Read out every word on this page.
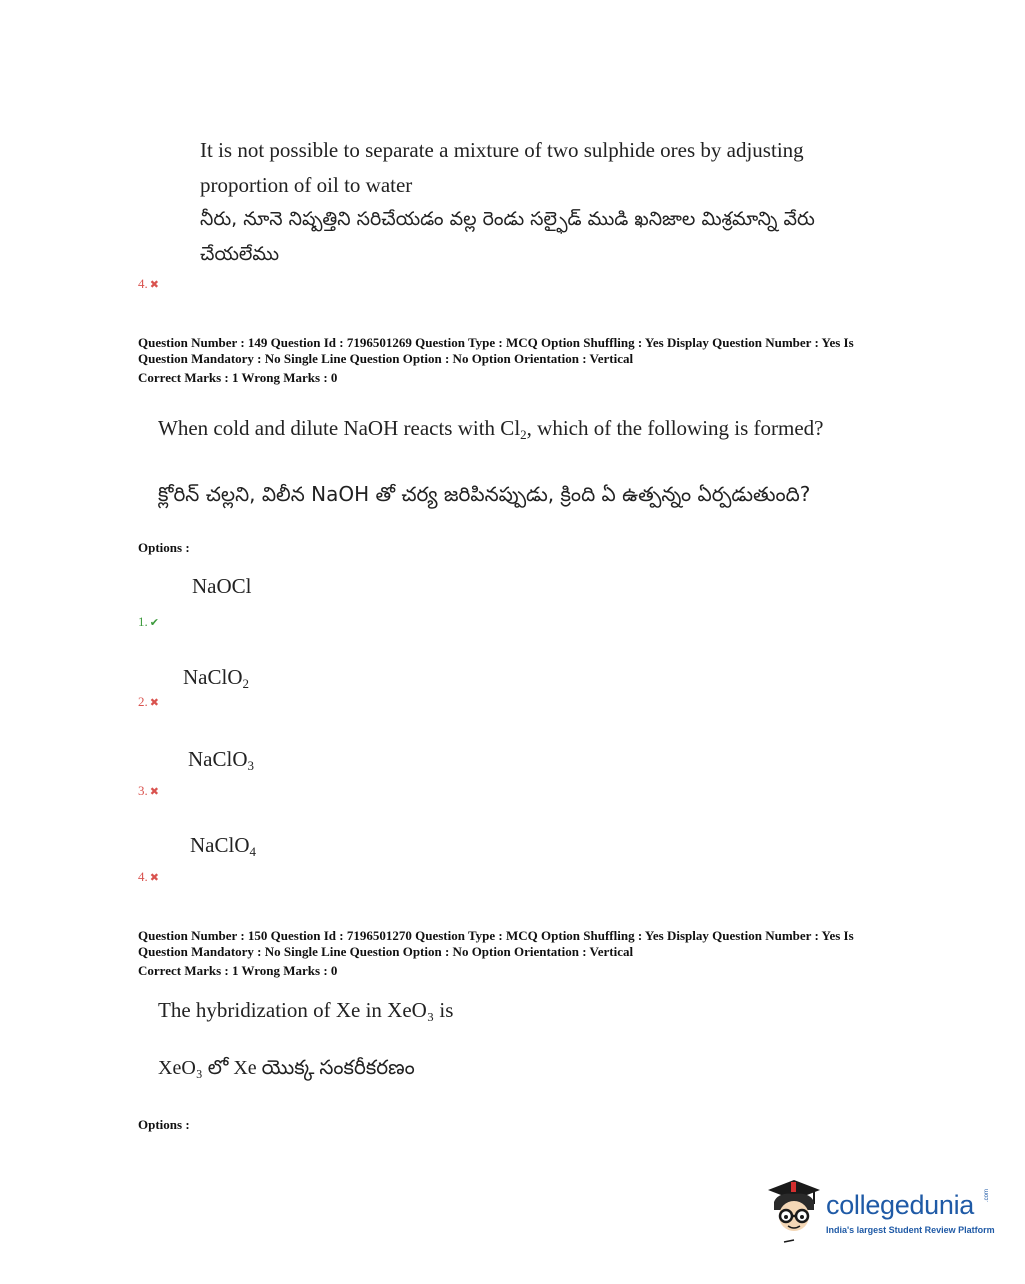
It is not possible to separate a mixture of two sulphide ores by adjusting
proportion of oil to water
నీరు, నూనె నిష్పత్తిని సరిచేయడం వల్ల రెండు సల్ఫైడ్ ముడి ఖనిజాల మిశ్రమాన్ని వేరు
చేయలేము
4. ✖
Question Number : 149 Question Id : 7196501269 Question Type : MCQ Option Shuffling : Yes Display Question Number : Yes Is
Question Mandatory : No Single Line Question Option : No Option Orientation : Vertical
Correct Marks : 1 Wrong Marks : 0
When cold and dilute NaOH reacts with $Cl_2$, which of the following is formed?
క్లోరిన్ చల్లని, విలీన NaOH తో చర్య జరిపినప్పుడు, క్రింది ఏ ఉత్పన్నం ఏర్పడుతుంది?
Options :
NaOCl
1. ✔
NaClO$_2$
2. ✖
NaClO$_3$
3. ✖
NaClO$_4$
4. ✖
Question Number : 150 Question Id : 7196501270 Question Type : MCQ Option Shuffling : Yes Display Question Number : Yes Is
Question Mandatory : No Single Line Question Option : No Option Orientation : Vertical
Correct Marks : 1 Wrong Marks : 0
The hybridization of Xe in XeO₃ is
XeO₃ లో Xe యొక్క సంకరీకరణం
Options :
collegedunia .com
India's largest Student Review Platform
